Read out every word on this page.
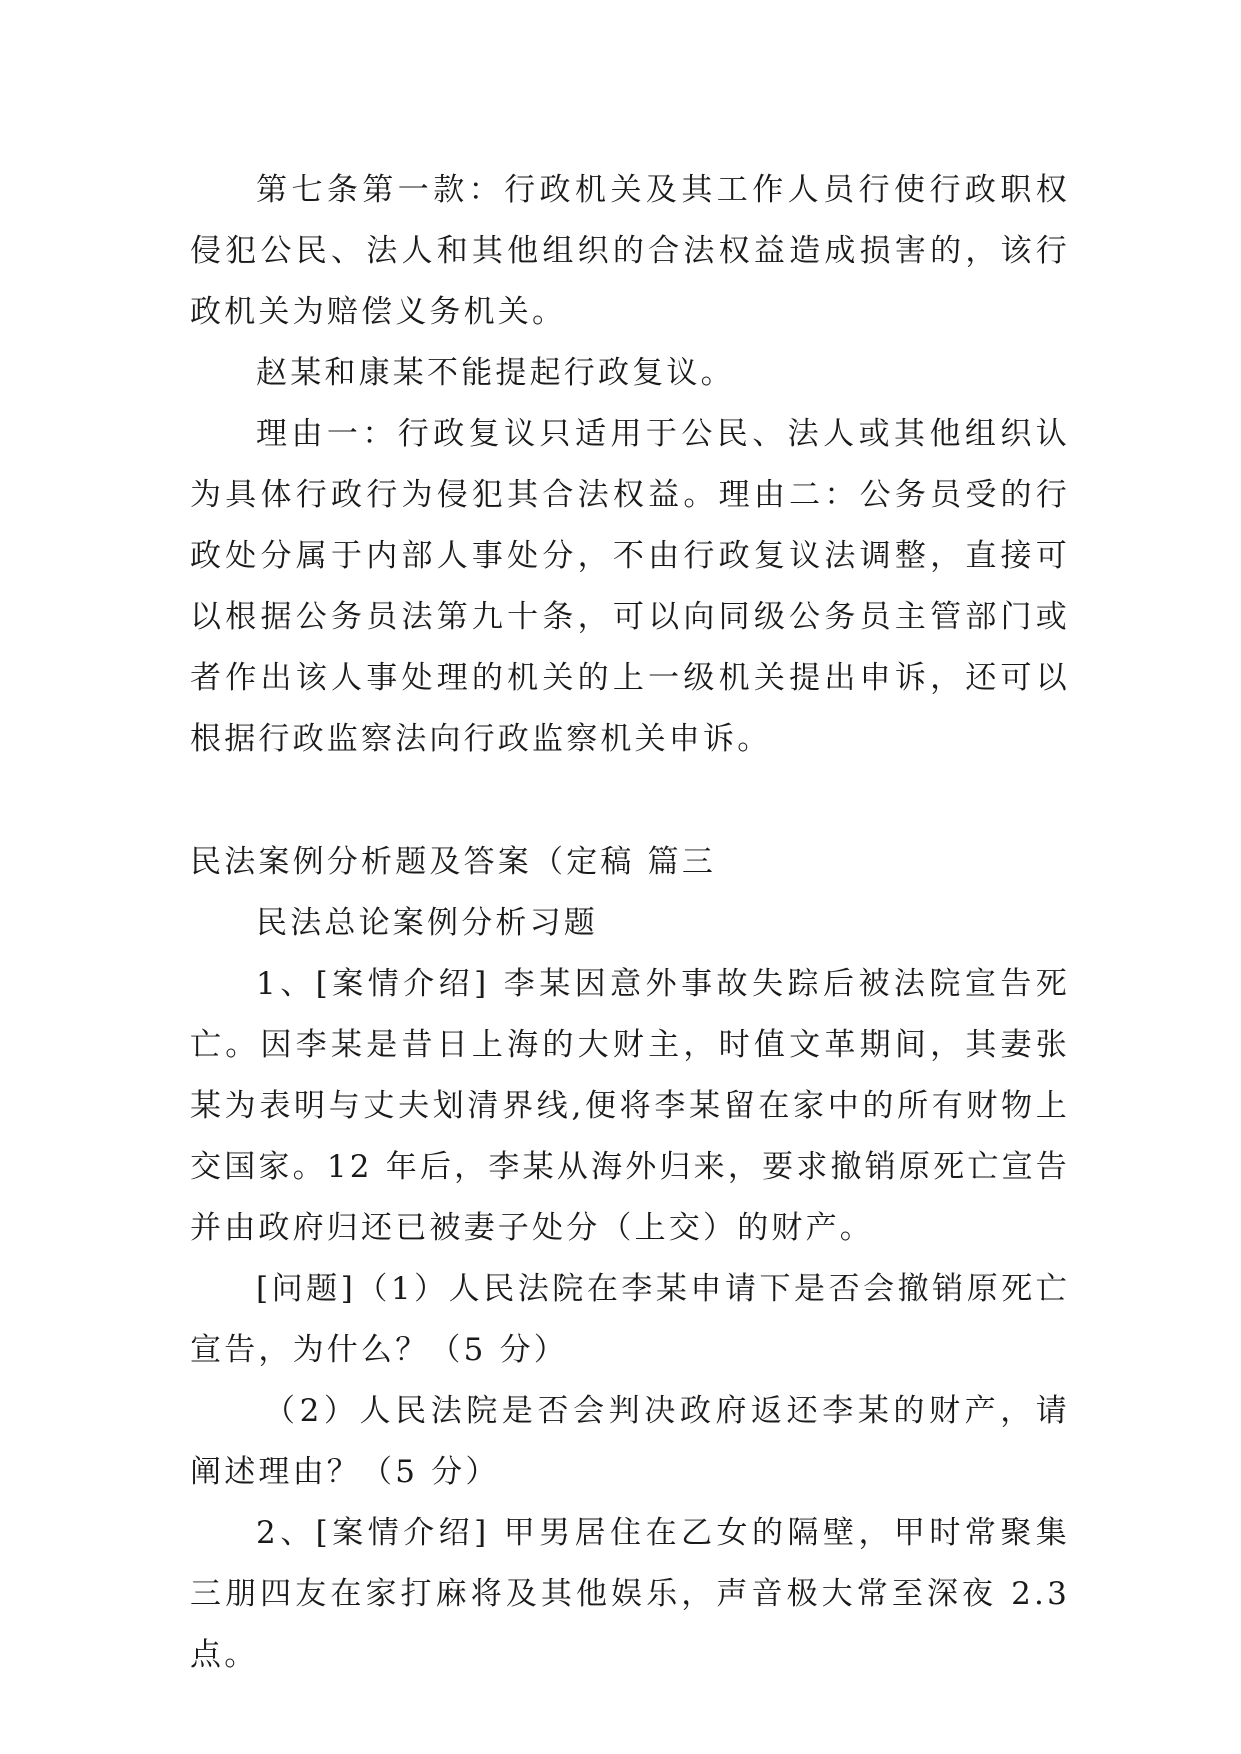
第七条第一款：行政机关及其工作人员行使行政职权侵犯公民、法人和其他组织的合法权益造成损害的，该行政机关为赔偿义务机关。

赵某和康某不能提起行政复议。

理由一：行政复议只适用于公民、法人或其他组织认为具体行政行为侵犯其合法权益。理由二：公务员受的行政处分属于内部人事处分，不由行政复议法调整，直接可以根据公务员法第九十条，可以向同级公务员主管部门或者作出该人事处理的机关的上一级机关提出申诉，还可以根据行政监察法向行政监察机关申诉。

民法案例分析题及答案（定稿 篇三

民法总论案例分析习题

1、[案情介绍] 李某因意外事故失踪后被法院宣告死亡。因李某是昔日上海的大财主，时值文革期间，其妻张某为表明与丈夫划清界线,便将李某留在家中的所有财物上交国家。12 年后，李某从海外归来，要求撤销原死亡宣告并由政府归还已被妻子处分（上交）的财产。

[问题]（1）人民法院在李某申请下是否会撤销原死亡宣告，为什么？（5 分）

（2）人民法院是否会判决政府返还李某的财产，请阐述理由？（5 分）

2、[案情介绍] 甲男居住在乙女的隔壁，甲时常聚集三朋四友在家打麻将及其他娱乐，声音极大常至深夜 2.3 点。
